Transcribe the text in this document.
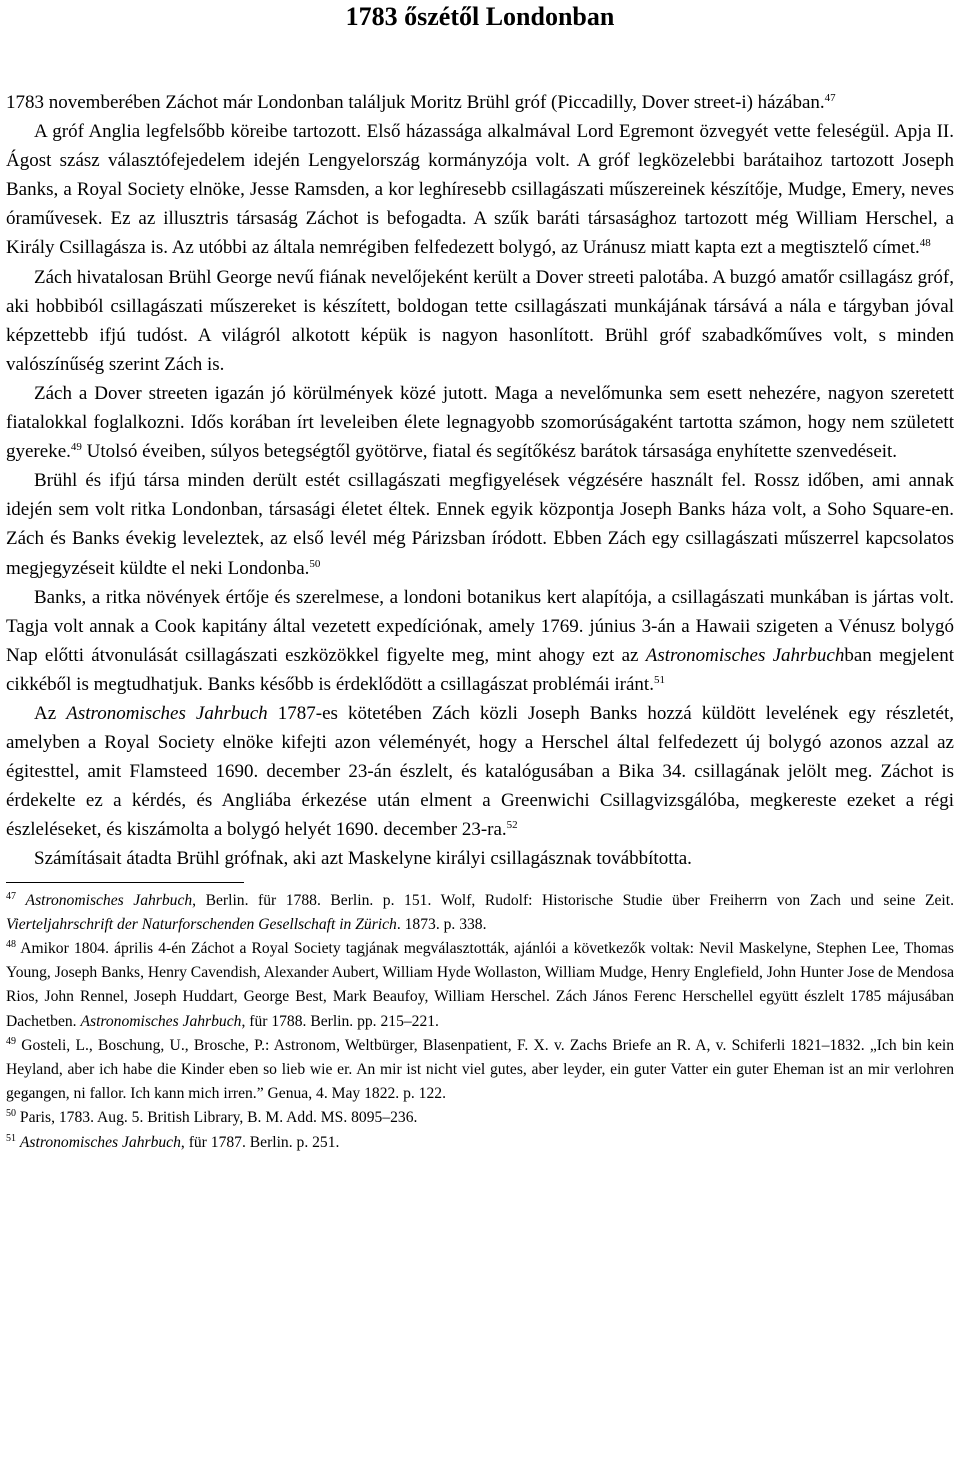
1783 őszétől Londonban

1783 novemberében Záchot már Londonban találjuk Moritz Brühl gróf (Piccadilly, Dover street-i) házában.$^{47}$

A gróf Anglia legfelsőbb köreibe tartozott. Első házassága alkalmával Lord Egremont özvegyét vette feleségül. Apja II. Ágost szász választófejedelem idején Lengyelország kormányzója volt. A gróf legközelebbi barátaihoz tartozott Joseph Banks, a Royal Society elnöke, Jesse Ramsden, a kor leghíresebb csillagászati műszereinek készítője, Mudge, Emery, neves óraművesek. Ez az illusztris társaság Záchot is befogadta. A szűk baráti társasághoz tartozott még William Herschel, a Király Csillagásza is. Az utóbbi az általa nemrégiben felfedezett bolygó, az Uránusz miatt kapta ezt a megtisztelő címet.$^{48}$

Zách hivatalosan Brühl George nevű fiának nevelőjeként került a Dover streeti palotába. A buzgó amatőr csillagász gróf, aki hobbiból csillagászati műszereket is készített, boldogan tette csillagászati munkájának társává a nála e tárgyban jóval képzettebb ifjú tudóst. A világról alkotott képük is nagyon hasonlított. Brühl gróf szabadkőműves volt, s minden valószínűség szerint Zách is.

Zách a Dover streeten igazán jó körülmények közé jutott. Maga a nevelőmunka sem esett nehezére, nagyon szeretett fiatalokkal foglalkozni. Idős korában írt leveleiben élete legnagyobb szomorúságaként tartotta számon, hogy nem született gyereke.$^{49}$ Utolsó éveiben, súlyos betegségtől gyötörve, fiatal és segítőkész barátok társasága enyhítette szenvedéseit.

Brühl és ifjú társa minden derült estét csillagászati megfigyelések végzésére használt fel. Rossz időben, ami annak idején sem volt ritka Londonban, társasági életet éltek. Ennek egyik központja Joseph Banks háza volt, a Soho Square-en. Zách és Banks évekig leveleztek, az első levél még Párizsban íródott. Ebben Zách egy csillagászati műszerrel kapcsolatos megjegyzéseit küldte el neki Londonba.$^{50}$

Banks, a ritka növények értője és szerelmese, a londoni botanikus kert alapítója, a csillagászati munkában is jártas volt. Tagja volt annak a Cook kapitány által vezetett expedíciónak, amely 1769. június 3-án a Hawaii szigeten a Vénusz bolygó Nap előtti átvonulását csillagászati eszközökkel figyelte meg, mint ahogy ezt az Astronomisches Jahrbuchban megjelent cikkéből is megtudhatjuk. Banks később is érdeklődött a csillagászat problémái iránt.$^{51}$

Az Astronomisches Jahrbuch 1787-es kötetében Zách közli Joseph Banks hozzá küldött levelének egy részletét, amelyben a Royal Society elnöke kifejti azon véleményét, hogy a Herschel által felfedezett új bolygó azonos azzal az égitesttel, amit Flamsteed 1690. december 23-án észlelt, és katalógusában a Bika 34. csillagának jelölt meg. Záchot is érdekelte ez a kérdés, és Angliába érkezése után elment a Greenwichi Csillagvizsgálóba, megkereste ezeket a régi észleléseket, és kiszámolta a bolygó helyét 1690. december 23-ra.$^{52}$

Számításait átadta Brühl grófnak, aki azt Maskelyne királyi csillagásznak továbbította.

$^{47}$ Astronomisches Jahrbuch, Berlin. für 1788. Berlin. p. 151. Wolf, Rudolf: Historische Studie über Freiherrn von Zach und seine Zeit. Vierteljahrschrift der Naturforschenden Gesellschaft in Zürich. 1873. p. 338.

$^{48}$ Amikor 1804. április 4-én Záchot a Royal Society tagjának megválasztották, ajánlói a következők voltak: Nevil Maskelyne, Stephen Lee, Thomas Young, Joseph Banks, Henry Cavendish, Alexander Aubert, William Hyde Wollaston, William Mudge, Henry Englefield, John Hunter Jose de Mendosa Rios, John Rennel, Joseph Huddart, George Best, Mark Beaufoy, William Herschel. Zách János Ferenc Herschellel együtt észlelt 1785 májusában Dachetben. Astronomisches Jahrbuch, für 1788. Berlin. pp. 215–221.

$^{49}$ Gosteli, L., Boschung, U., Brosche, P.: Astronom, Weltbürger, Blasenpatient, F. X. v. Zachs Briefe an R. A, v. Schiferli 1821–1832. „Ich bin kein Heyland, aber ich habe die Kinder eben so lieb wie er. An mir ist nicht viel gutes, aber leyder, ein guter Vatter ein guter Eheman ist an mir verlohren gegangen, ni fallor. Ich kann mich irren.” Genua, 4. May 1822. p. 122.

$^{50}$ Paris, 1783. Aug. 5. British Library, B. M. Add. MS. 8095–236.

$^{51}$ Astronomisches Jahrbuch, für 1787. Berlin. p. 251.
